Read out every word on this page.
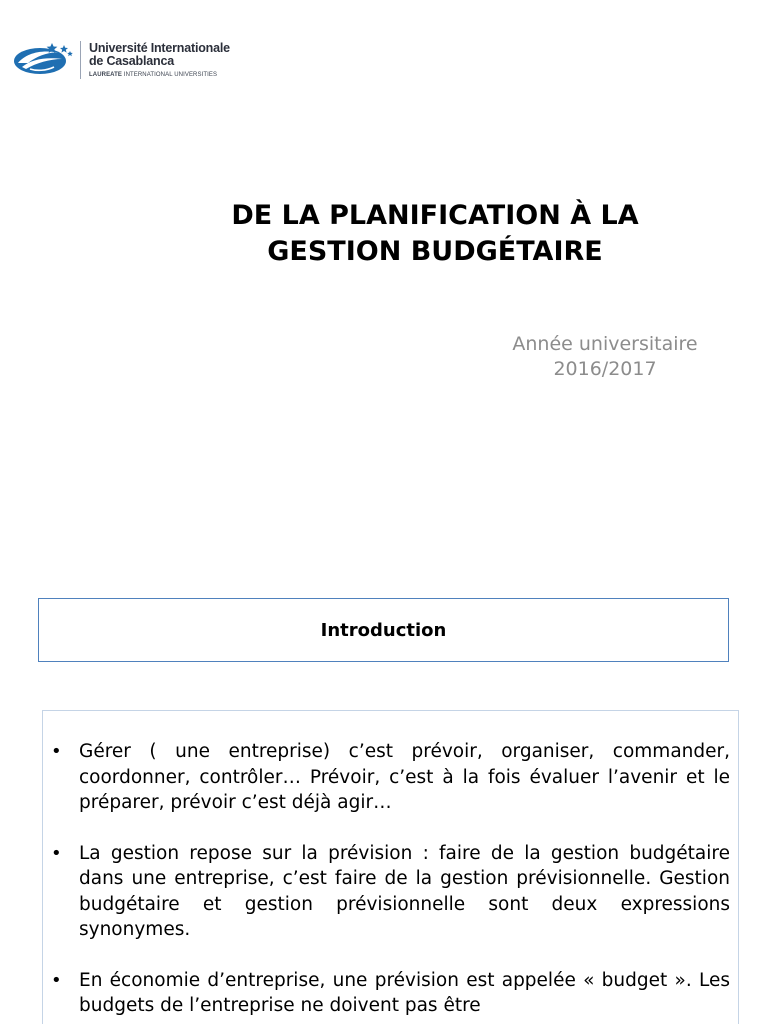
Université Internationale
de Casablanca
LAUREATE INTERNATIONAL UNIVERSITIES
DE LA PLANIFICATION À LA
GESTION BUDGÉTAIRE
Année universitaire
2016/2017
Introduction
• Gérer ( une entreprise) c’est prévoir, organiser, commander, coordonner, contrôler… Prévoir, c’est à la fois évaluer l’avenir et le préparer, prévoir c’est déjà agir…
• La gestion repose sur la prévision : faire de la gestion budgétaire dans une entreprise, c’est faire de la gestion prévisionnelle. Gestion budgétaire et gestion prévisionnelle sont deux expressions synonymes.
• En économie d’entreprise, une prévision est appelée « budget ». Les budgets de l’entreprise ne doivent pas être
